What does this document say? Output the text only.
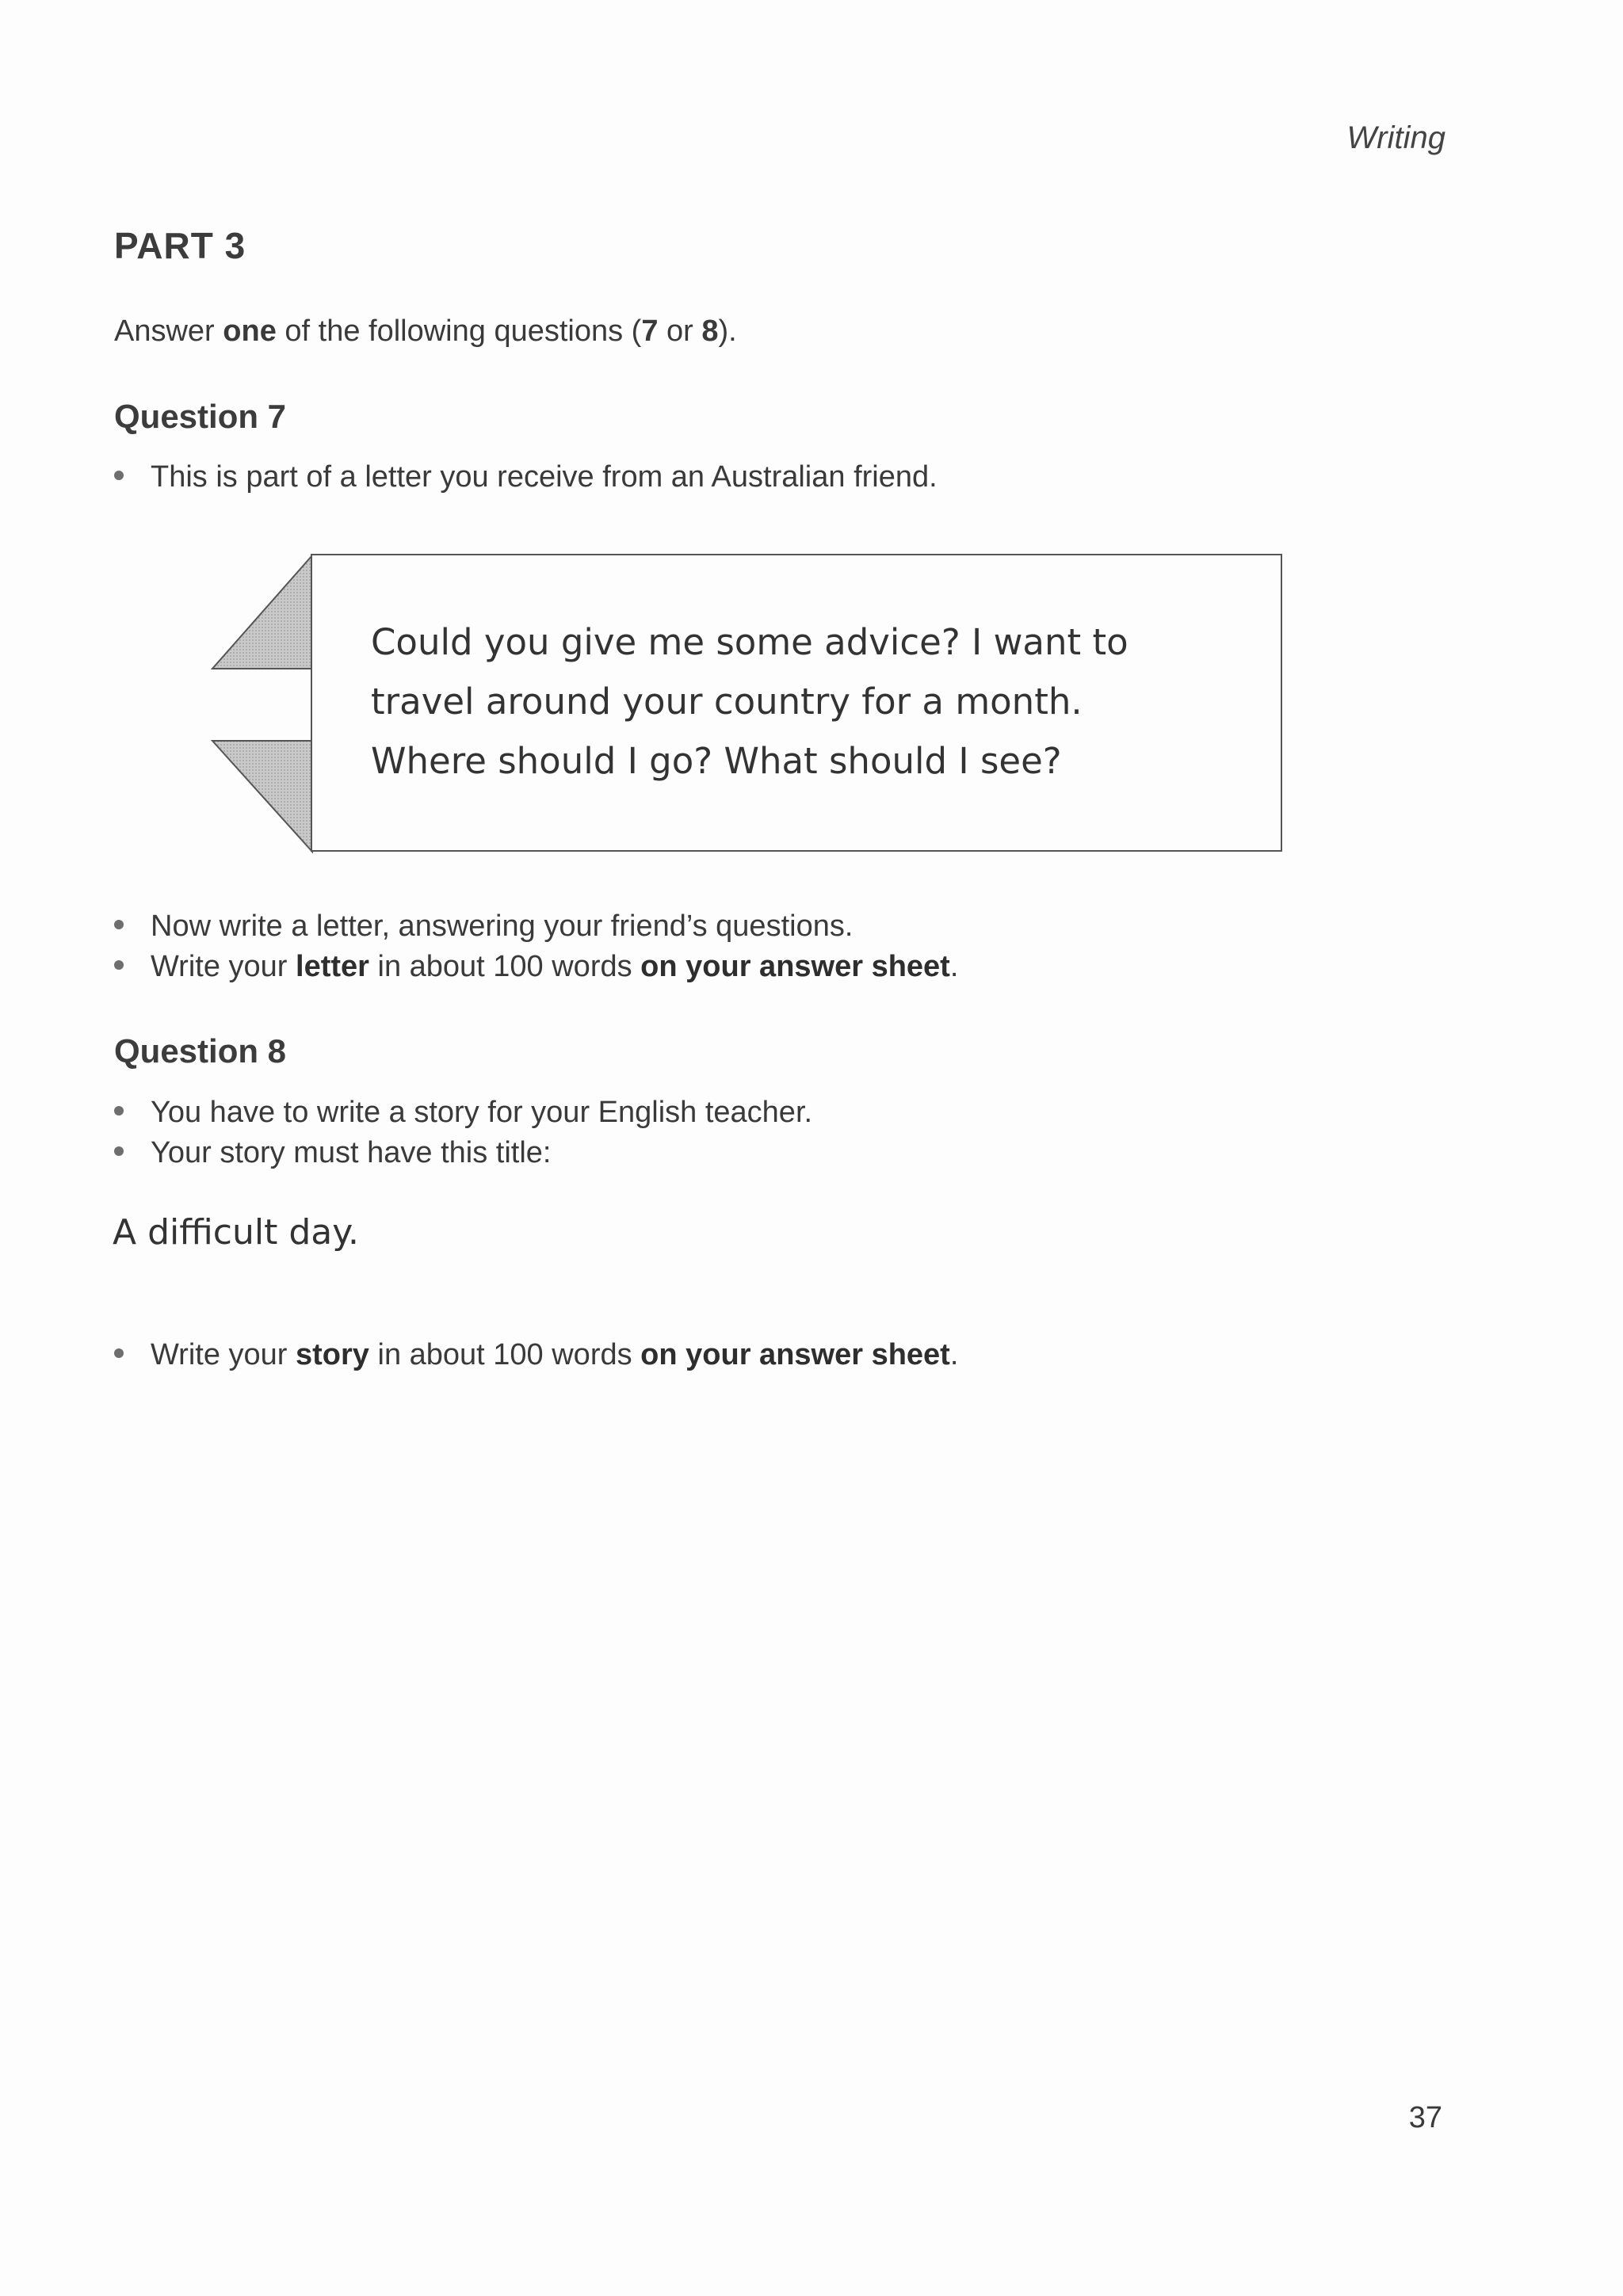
Writing
PART 3
Answer one of the following questions (7 or 8).
Question 7
This is part of a letter you receive from an Australian friend.
Could you give me some advice? I want to
travel around your country for a month.
Where should I go? What should I see?
Now write a letter, answering your friend’s questions.
Write your letter in about 100 words on your answer sheet.
Question 8
You have to write a story for your English teacher.
Your story must have this title:
A difficult day.
Write your story in about 100 words on your answer sheet.
37
